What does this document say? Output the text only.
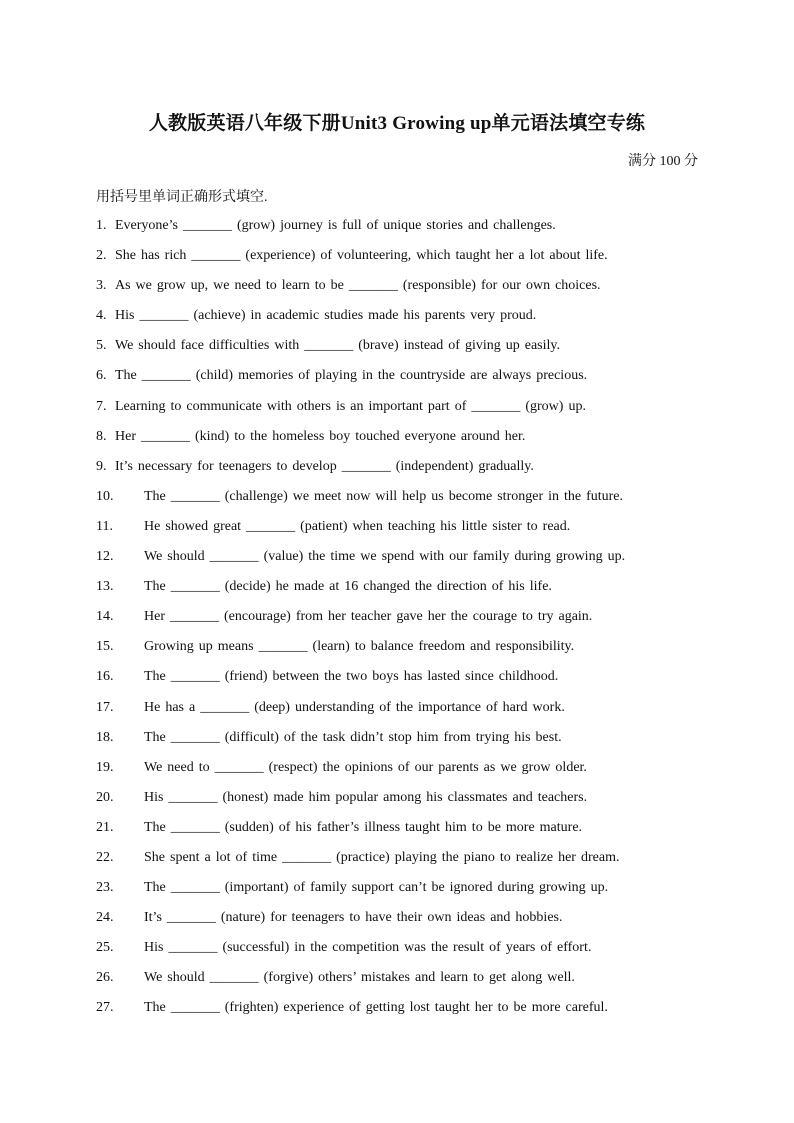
人教版英语八年级下册Unit3 Growing up单元语法填空专练
满分 100 分
用括号里单词正确形式填空.
1. Everyone’s _______ (grow) journey is full of unique stories and challenges.
2. She has rich _______ (experience) of volunteering, which taught her a lot about life.
3. As we grow up, we need to learn to be _______ (responsible) for our own choices.
4. His _______ (achieve) in academic studies made his parents very proud.
5. We should face difficulties with _______ (brave) instead of giving up easily.
6. The _______ (child) memories of playing in the countryside are always precious.
7. Learning to communicate with others is an important part of _______ (grow) up.
8. Her _______ (kind) to the homeless boy touched everyone around her.
9. It’s necessary for teenagers to develop _______ (independent) gradually.
10. The _______ (challenge) we meet now will help us become stronger in the future.
11. He showed great _______ (patient) when teaching his little sister to read.
12. We should _______ (value) the time we spend with our family during growing up.
13. The _______ (decide) he made at 16 changed the direction of his life.
14. Her _______ (encourage) from her teacher gave her the courage to try again.
15. Growing up means _______ (learn) to balance freedom and responsibility.
16. The _______ (friend) between the two boys has lasted since childhood.
17. He has a _______ (deep) understanding of the importance of hard work.
18. The _______ (difficult) of the task didn’t stop him from trying his best.
19. We need to _______ (respect) the opinions of our parents as we grow older.
20. His _______ (honest) made him popular among his classmates and teachers.
21. The _______ (sudden) of his father’s illness taught him to be more mature.
22. She spent a lot of time _______ (practice) playing the piano to realize her dream.
23. The _______ (important) of family support can’t be ignored during growing up.
24. It’s _______ (nature) for teenagers to have their own ideas and hobbies.
25. His _______ (successful) in the competition was the result of years of effort.
26. We should _______ (forgive) others’ mistakes and learn to get along well.
27. The _______ (frighten) experience of getting lost taught her to be more careful.
